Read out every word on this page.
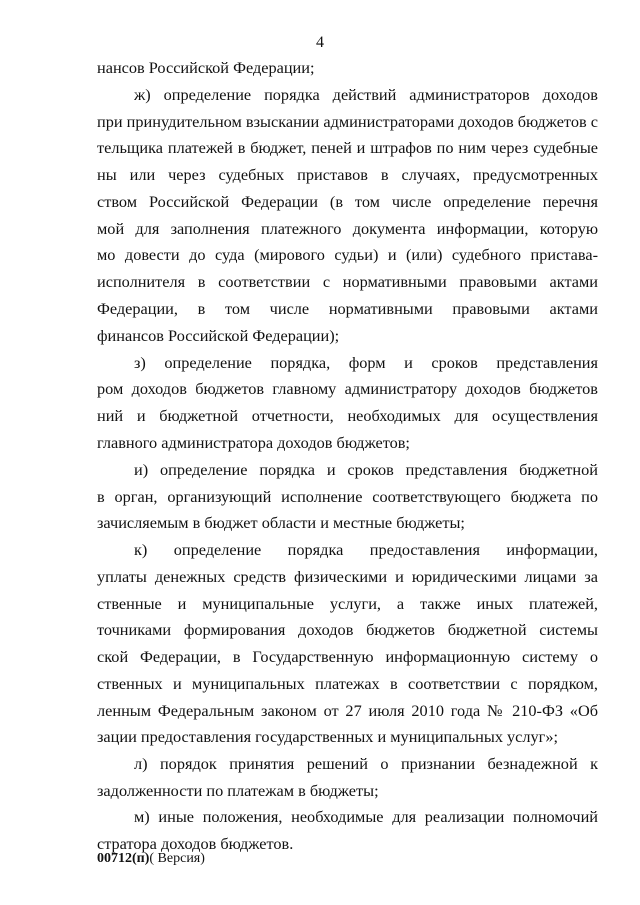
4
нансов Российской Федерации;
ж) определение порядка действий администраторов доходов
при принудительном взыскании администраторами доходов бюджетов с
тельщика платежей в бюджет, пеней и штрафов по ним через судебные
ны или через судебных приставов в случаях, предусмотренных
ством Российской Федерации (в том числе определение перечня
мой для заполнения платежного документа информации, которую
мо довести до суда (мирового судьи) и (или) судебного пристава-
исполнителя в соответствии с нормативными правовыми актами
Федерации, в том числе нормативными правовыми актами
финансов Российской Федерации);
з) определение порядка, форм и сроков представления
ром доходов бюджетов главному администратору доходов бюджетов
ний и бюджетной отчетности, необходимых для осуществления
главного администратора доходов бюджетов;
и) определение порядка и сроков представления бюджетной
в орган, организующий исполнение соответствующего бюджета по
зачисляемым в бюджет области и местные бюджеты;
к) определение порядка предоставления информации,
уплаты денежных средств физическими и юридическими лицами за
ственные и муниципальные услуги, а также иных платежей,
точниками формирования доходов бюджетов бюджетной системы
ской Федерации, в Государственную информационную систему о
ственных и муниципальных платежах в соответствии с порядком,
ленным Федеральным законом от 27 июля 2010 года № 210-ФЗ «Об
зации предоставления государственных и муниципальных услуг»;
л) порядок принятия решений о признании безнадежной к
задолженности по платежам в бюджеты;
м) иные положения, необходимые для реализации полномочий
стратора доходов бюджетов.
00712(п)( Версия)
